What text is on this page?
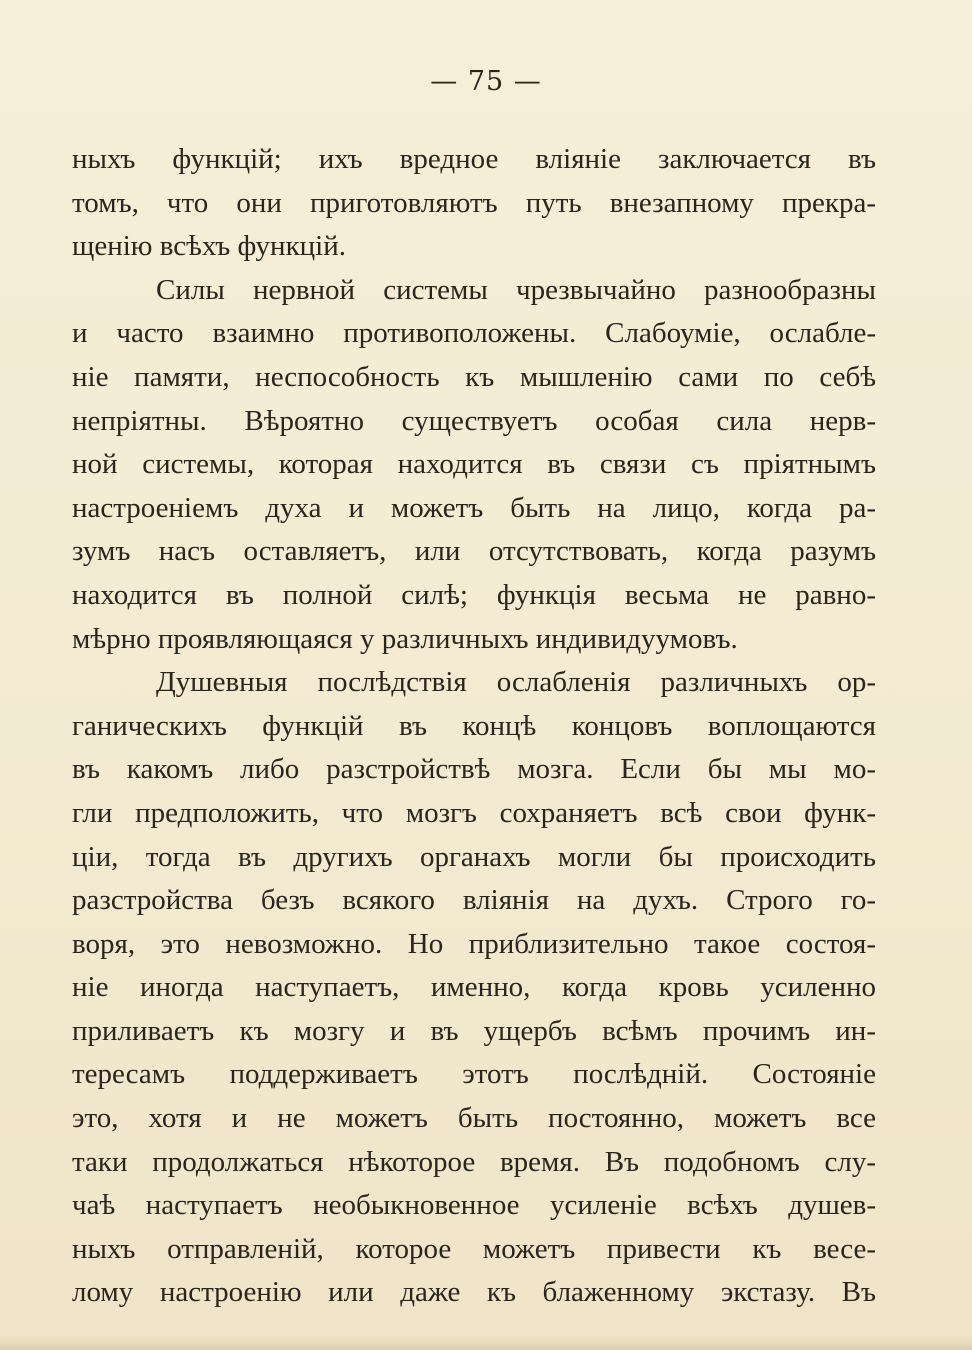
— 75 —
ныхъ функцій; ихъ вредное вліяніе заключается въ
томъ, что они приготовляютъ путь внезапному прекра-
щенію всѣхъ функцій.
Силы нервной системы чрезвычайно разнообразны
и часто взаимно противоположены. Слабоуміе, ослабле-
ніе памяти, неспособность къ мышленію сами по себѣ
непріятны. Вѣроятно существуетъ особая сила нерв-
ной системы, которая находится въ связи съ пріятнымъ
настроеніемъ духа и можетъ быть на лицо, когда ра-
зумъ насъ оставляетъ, или отсутствовать, когда разумъ
находится въ полной силѣ; функція весьма не равно-
мѣрно проявляющаяся у различныхъ индивидуумовъ.
Душевныя послѣдствія ослабленія различныхъ ор-
ганическихъ функцій въ концѣ концовъ воплощаются
въ какомъ либо разстройствѣ мозга. Если бы мы мо-
гли предположить, что мозгъ сохраняетъ всѣ свои функ-
ціи, тогда въ другихъ органахъ могли бы происходить
разстройства безъ всякого вліянія на духъ. Строго го-
воря, это невозможно. Но приблизительно такое состоя-
ніе иногда наступаетъ, именно, когда кровь усиленно
приливаетъ къ мозгу и въ ущербъ всѣмъ прочимъ ин-
тересамъ поддерживаетъ этотъ послѣдній. Состояніе
это, хотя и не можетъ быть постоянно, можетъ все
таки продолжаться нѣкоторое время. Въ подобномъ слу-
чаѣ наступаетъ необыкновенное усиленіе всѣхъ душев-
ныхъ отправленій, которое можетъ привести къ весе-
лому настроенію или даже къ блаженному экстазу. Въ
